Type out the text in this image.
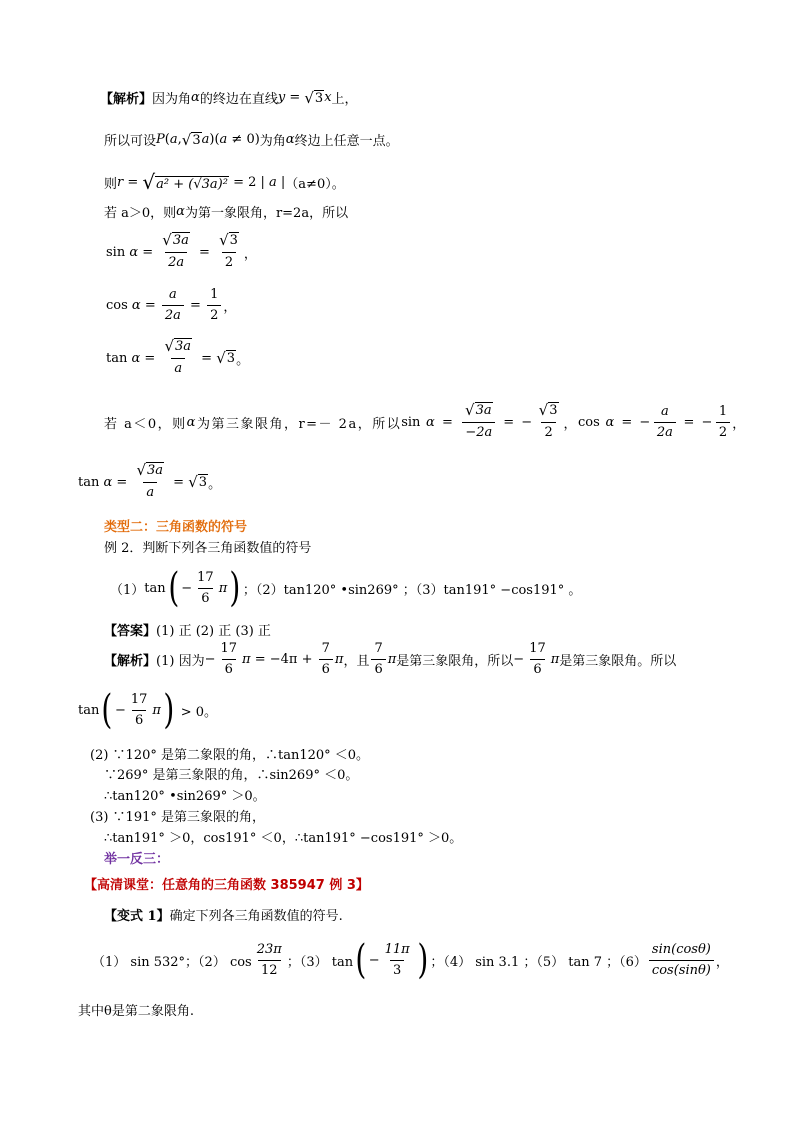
【解析】 因为角 α 的终边在直线 y = √ 3 x 上，
所以可设 P ( a , √ 3 a ) ( a ≠ 0) 为角 α 终边上任意一点。
则 r = √ a² + (√3a)² = 2 | a | （a≠0）。
若 a＞0，则 α 为第一象限角，r=2a，所以
sin
$\alpha = \frac{√ 3a}{2a} = \frac{√ 3}{2}$ ，
cos
$\alpha = \frac{a}{2a} = \frac{1}{2}$ ，
tan
$\alpha = \frac{√ 3a}{a}$ = √ 3 。
若 a＜0，则 α 为第三象限角，r=－ 2a，所以 sin
$\alpha = \frac{√ 3a}{-2a}$ = − $\frac{√ 3}{2}$ ， cos
α = − $\frac{a}{2a}$ = − $\frac{1}{2}$ ，
tan
$\alpha = \frac{√ 3a}{a}$ = √ 3 。
类型二：三角函数的符号
例 2．判断下列各三角函数值的符号
（1） tan ( − $\frac{17}{6}$ π ) ；（2）tan120° •sin269° ；（3）tan191° −cos191° 。
【答案】 (1) 正 (2) 正 (3) 正
【解析】 (1) 因为 − $\frac{17}{6}$ $\pi = -4\pi + \frac{7}{6}$ π ，且 $\frac{7}{6}$ π 是第三象限角，所以 − $\frac{17}{6}$ π 是第三象限角。所以
tan ( − $\frac{17}{6}$ π ) > 0。
(2) ∵120° 是第二象限的角，∴tan120° ＜0。
∵269° 是第三象限的角，∴sin269° ＜0。
∴tan120° •sin269° ＞0。
(3) ∵191° 是第三象限的角，
∴tan191° ＞0，cos191° ＜0，∴tan191° −cos191° ＞0。
举一反三：
【高清课堂：任意角的三角函数 385947 例 3】
【变式 1】 确定下列各三角函数值的符号.
（1） sin 532°；（2） $\cos \frac{23\pi}{12}$ ；（3） tan ( − $\frac{11\pi}{3}$ ) ；（4） sin 3.1 ；（5） tan 7 ；$(6) \frac{\sin(\cos\theta)}{\cos(\sin\theta)}$ ，
其中θ是第二象限角.
